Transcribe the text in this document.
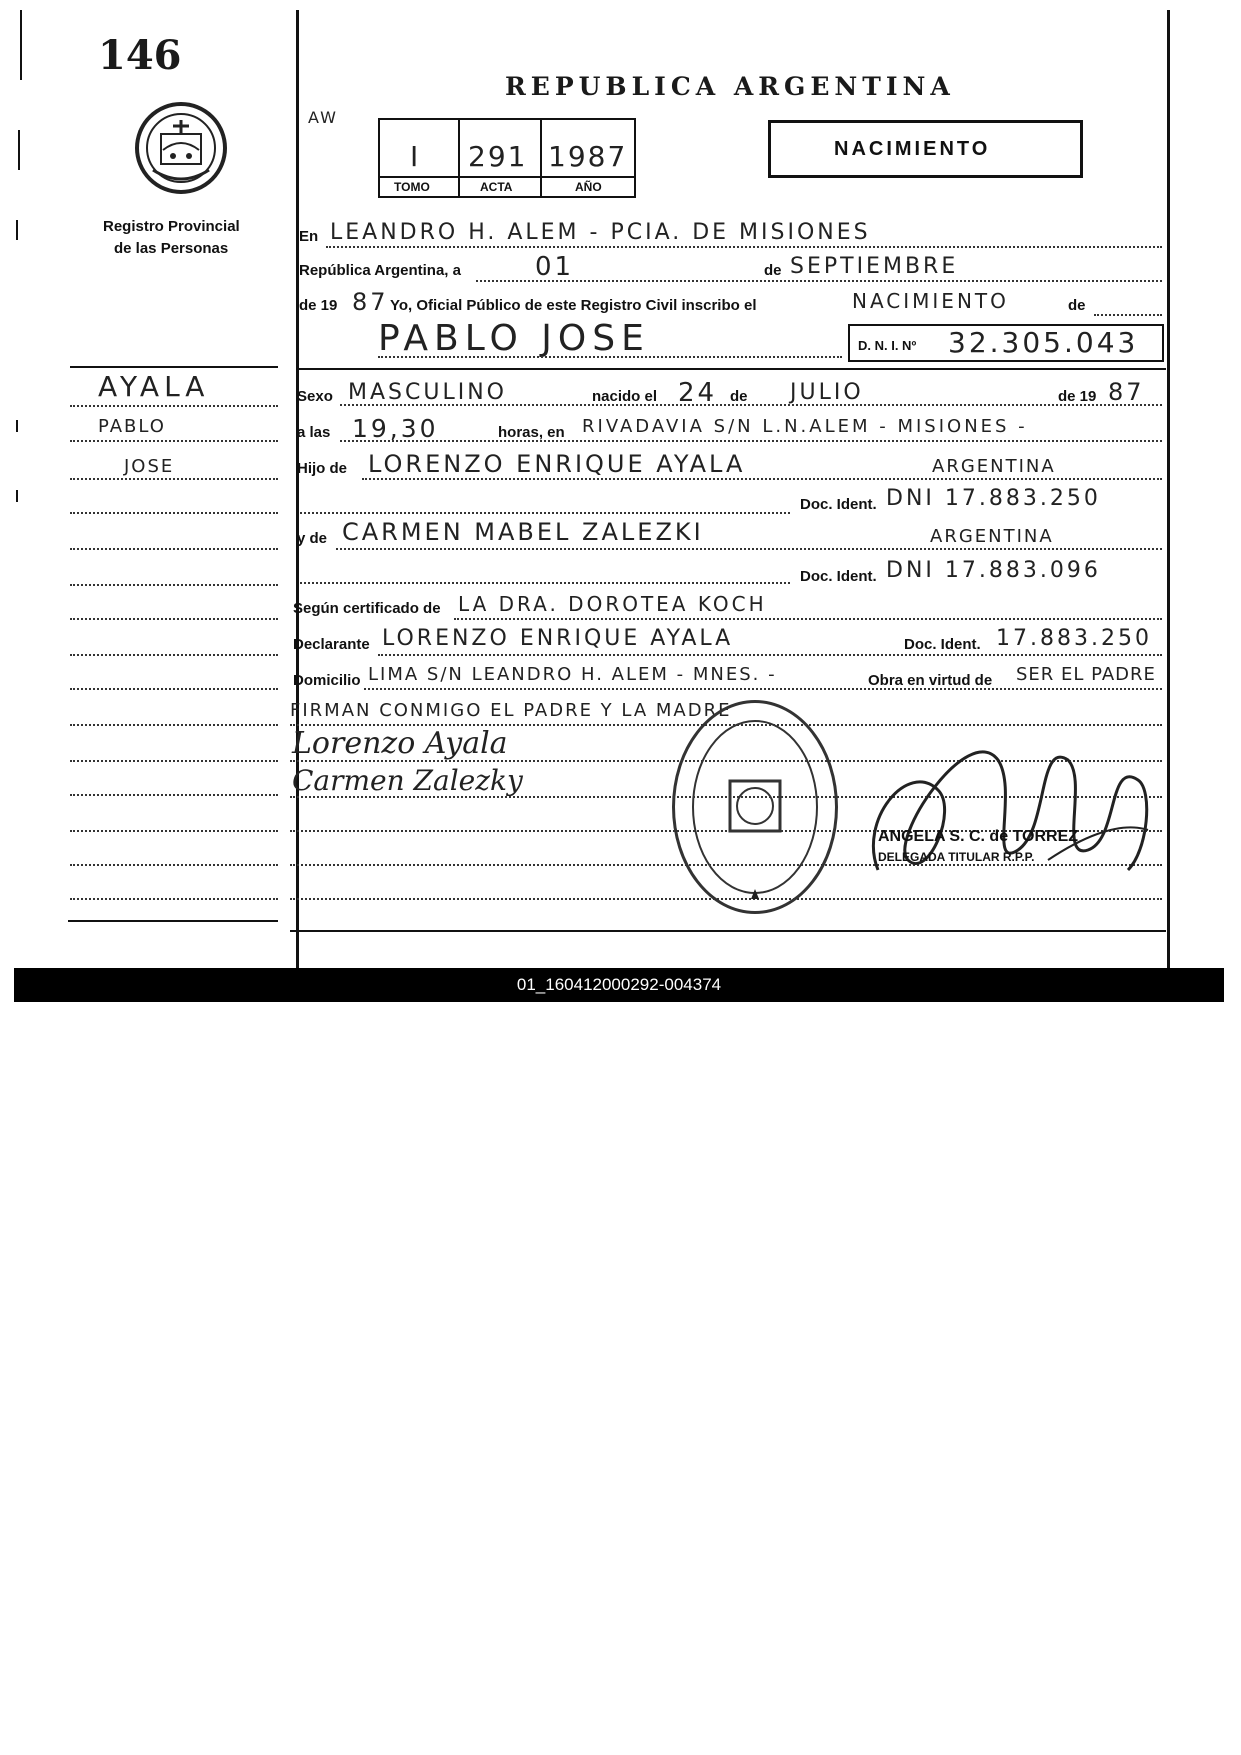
146
Registro Provincial
de las Personas
AYALA
PABLO
JOSE
REPUBLICA ARGENTINA
AW
I 291 1987
TOMO	ACTA	AÑO
NACIMIENTO
En LEANDRO H. ALEM - PCIA. DE MISIONES
República Argentina, a	01	de SEPTIEMBRE
de 19 87 Yo, Oficial Público de este Registro Civil inscribo el	NACIMIENTO	de
PABLO JOSE	D. N. I. Nº 32.305.043
Sexo MASCULINO	nacido el 24 de JULIO	de 19 87
a las 19,30	horas, en RIVADAVIA S/N L.N.ALEM - MISIONES -
Hijo de LORENZO ENRIQUE AYALA	ARGENTINA
Doc. Ident. DNI 17.883.250
y de CARMEN MABEL ZALEZKI	ARGENTINA
Doc. Ident. DNI 17.883.096
Según certificado de LA DRA. DOROTEA KOCH
Declarante LORENZO ENRIQUE AYALA	Doc. Ident. 17.883.250
Domicilio LIMA S/N LEANDRO H. ALEM - MNES. -	Obra en virtud de SER EL PADRE
FIRMAN CONMIGO EL PADRE Y LA MADRE
Lorenzo Ayala
Carmen Zalezky
ANGELA S. C. de TORREZ
DELEGADA TITULAR R.P.P.
01_160412000292-004374
